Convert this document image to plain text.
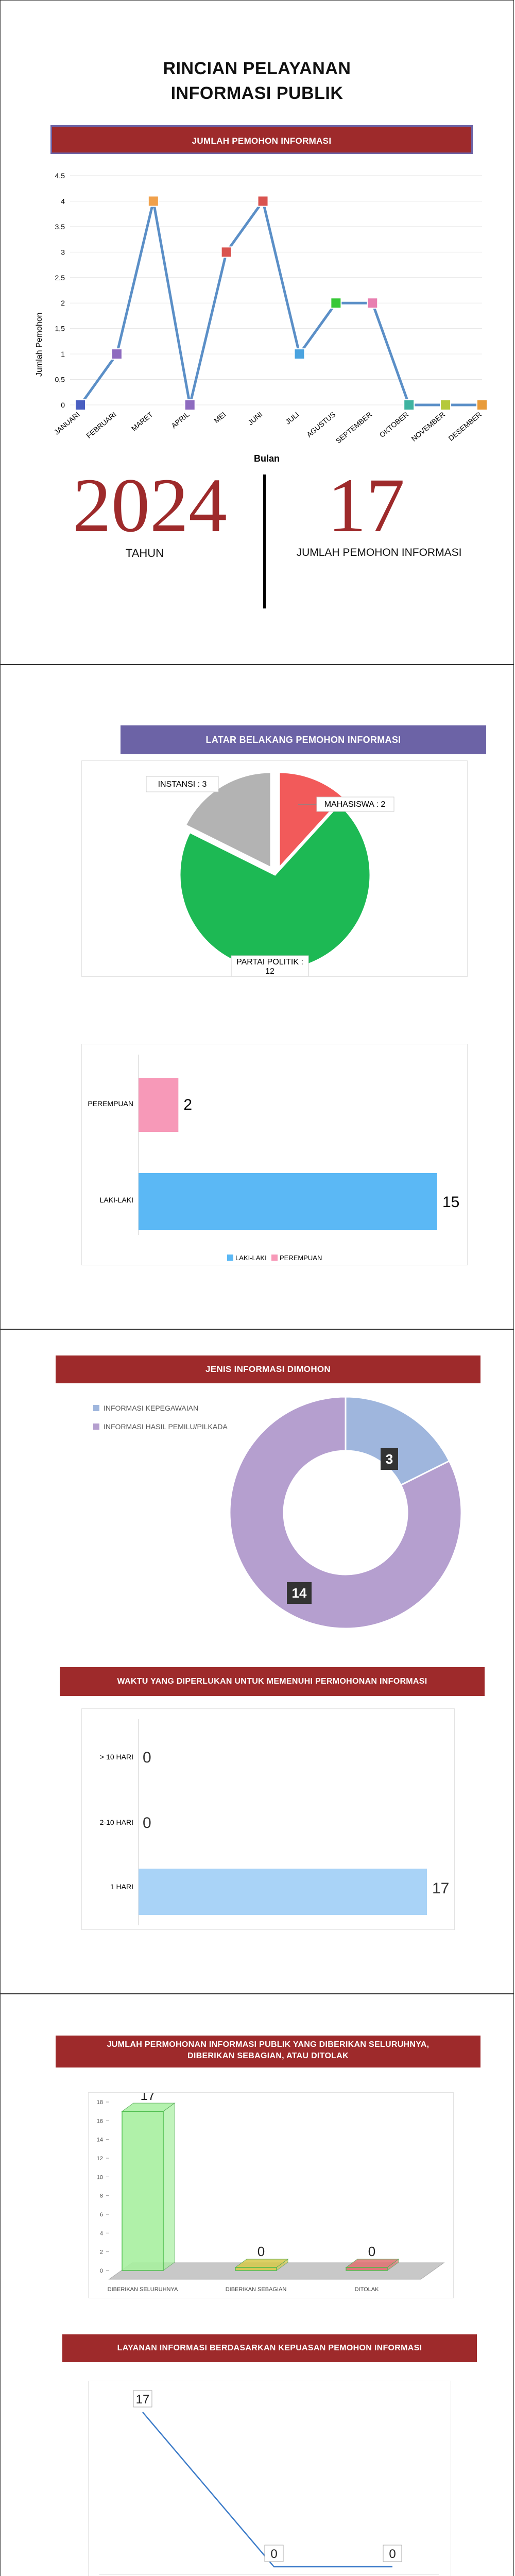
RINCIAN PELAYANAN
INFORMASI PUBLIK
JUMLAH PEMOHON INFORMASI
0
0,5
1
1,5
2
2,5
3
3,5
4
4,5
JANUARI FEBRUARI MARET APRIL	MEI	JUNI	JULI AGUSTUS
SEPTEMBER OKTOBER NOVEMBER DESEMBER
Jumlah Pemohon
Bulan
2024
TAHUN
17
JUMLAH PEMOHON INFORMASI
LATAR BELAKANG PEMOHON INFORMASI
MAHASISWA : 2
PARTAI POLITIK :
12
INSTANSI : 3
PEREMPUAN	2
LAKI-LAKI	15
LAKI-LAKI PEREMPUAN
JENIS INFORMASI DIMOHON
INFORMASI KEPEGAWAIAN
INFORMASI HASIL PEMILU/PILKADA
3
14
WAKTU YANG DIPERLUKAN UNTUK MEMENUHI PERMOHONAN INFORMASI
> 10 HARI 0
2-10 HARI 0
1 HARI	17
JUMLAH PERMOHONAN INFORMASI PUBLIK YANG DIBERIKAN SELURUHNYA,
DIBERIKAN SEBAGIAN, ATAU DITOLAK
0
2
4
6
8
10
12
14
16
18	17
0	0
DIBERIKAN SELURUHNYA	DIBERIKAN SEBAGIAN	DITOLAK
LAYANAN INFORMASI BERDASARKAN KEPUASAN PEMOHON INFORMASI
17
0	0
